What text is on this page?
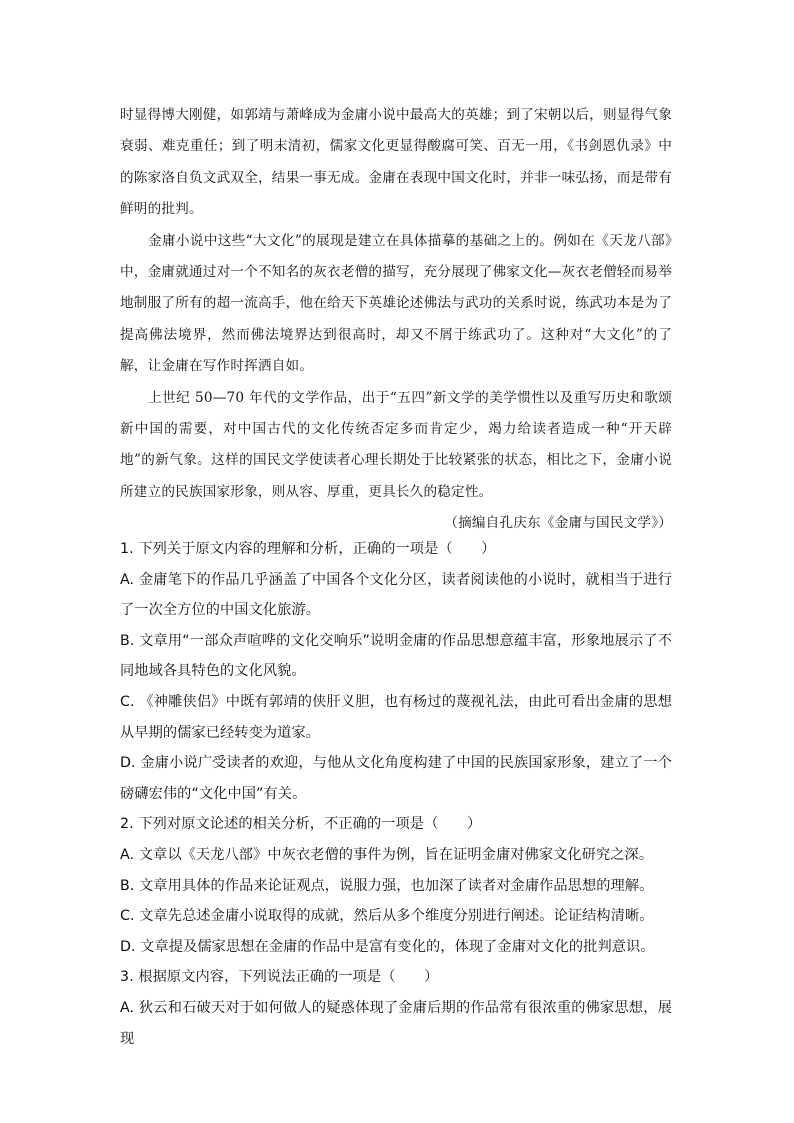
时显得博大刚健，如郭靖与萧峰成为金庸小说中最高大的英雄；到了宋朝以后，则显得气象衰弱、难克重任；到了明末清初，儒家文化更显得酸腐可笑、百无一用，《书剑恩仇录》中的陈家洛自负文武双全，结果一事无成。金庸在表现中国文化时，并非一味弘扬，而是带有鲜明的批判。

金庸小说中这些“大文化”的展现是建立在具体描摹的基础之上的。例如在《天龙八部》中，金庸就通过对一个不知名的灰衣老僧的描写，充分展现了佛家文化—灰衣老僧轻而易举地制服了所有的超一流高手，他在给天下英雄论述佛法与武功的关系时说，练武功本是为了提高佛法境界，然而佛法境界达到很高时，却又不屑于练武功了。这种对“大文化”的了解，让金庸在写作时挥洒自如。

上世纪 50—70 年代的文学作品，出于“五四”新文学的美学惯性以及重写历史和歌颂新中国的需要，对中国古代的文化传统否定多而肯定少，竭力给读者造成一种“开天辟地”的新气象。这样的国民文学使读者心理长期处于比较紧张的状态，相比之下，金庸小说所建立的民族国家形象，则从容、厚重，更具长久的稳定性。

（摘编自孔庆东《金庸与国民文学》）

1. 下列关于原文内容的理解和分析，正确的一项是（　　）

A. 金庸笔下的作品几乎涵盖了中国各个文化分区，读者阅读他的小说时，就相当于进行了一次全方位的中国文化旅游。

B. 文章用“一部众声喧哗的文化交响乐”说明金庸的作品思想意蕴丰富，形象地展示了不同地域各具特色的文化风貌。

C. 《神雕侠侣》中既有郭靖的侠肝义胆，也有杨过的蔑视礼法，由此可看出金庸的思想从早期的儒家已经转变为道家。

D. 金庸小说广受读者的欢迎，与他从文化角度构建了中国的民族国家形象，建立了一个磅礴宏伟的“文化中国”有关。

2. 下列对原文论述的相关分析，不正确的一项是（　　）

A. 文章以《天龙八部》中灰衣老僧的事件为例，旨在证明金庸对佛家文化研究之深。

B. 文章用具体的作品来论证观点，说服力强，也加深了读者对金庸作品思想的理解。

C. 文章先总述金庸小说取得的成就，然后从多个维度分别进行阐述。论证结构清晰。

D. 文章提及儒家思想在金庸的作品中是富有变化的，体现了金庸对文化的批判意识。

3. 根据原文内容，下列说法正确的一项是（　　）

A. 狄云和石破天对于如何做人的疑惑体现了金庸后期的作品常有很浓重的佛家思想，展现
